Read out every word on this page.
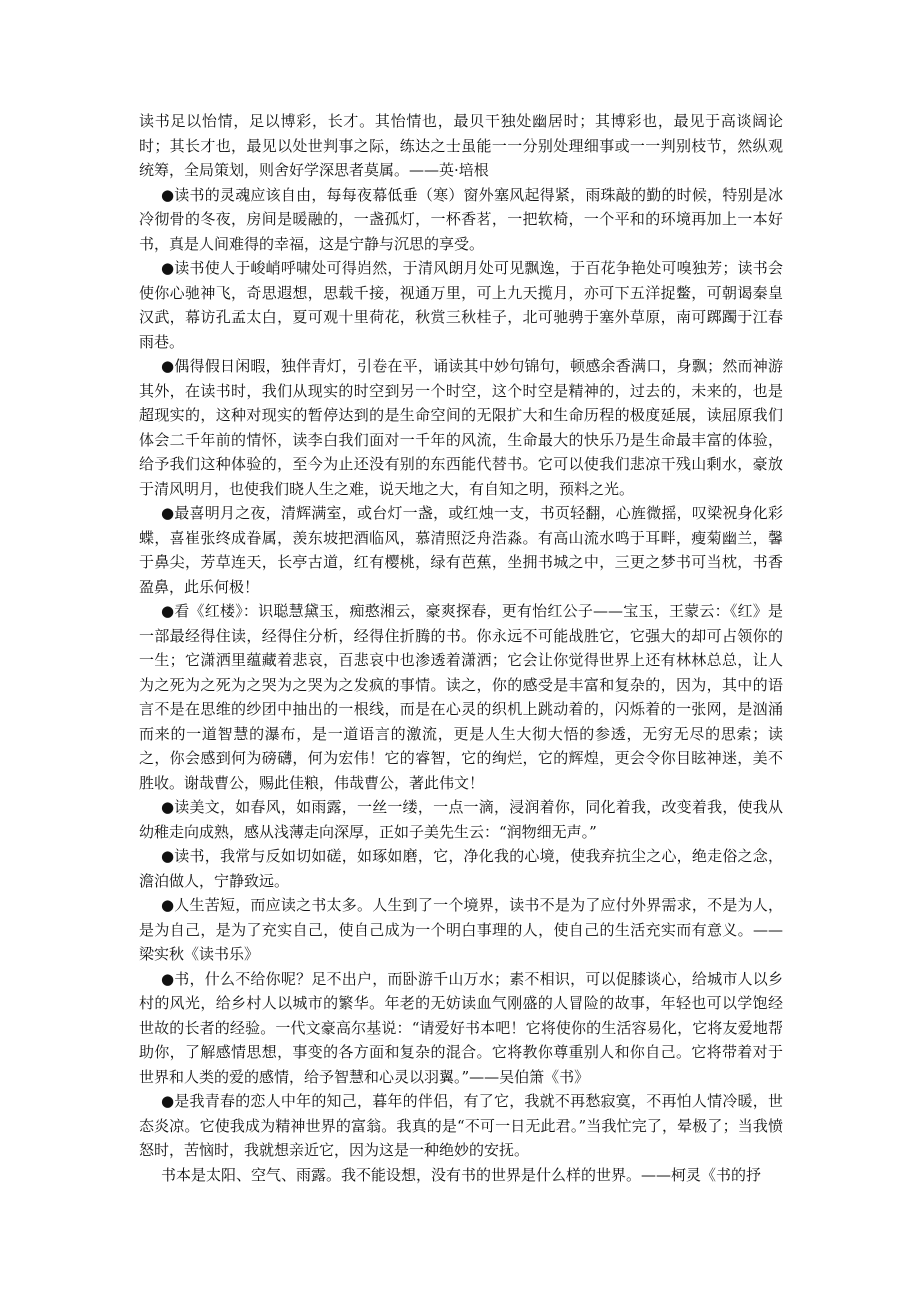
读书足以怡情，足以博彩，长才。其怡情也，最贝干独处幽居时；其博彩也，最见于高谈阔论时；其长才也，最见以处世判事之际，练达之士虽能一一分别处理细事或一一判别枝节，然纵观统筹，全局策划，则舍好学深思者莫属。——英·培根

●读书的灵魂应该自由，每每夜幕低垂（寒）窗外塞风起得紧，雨珠敲的勤的时候，特别是冰冷彻骨的冬夜，房间是暖融的，一盏孤灯，一杯香茗，一把软椅，一个平和的环境再加上一本好书，真是人间难得的幸福，这是宁静与沉思的享受。

●读书使人于峻峭呼啸处可得岿然，于清风朗月处可见飘逸，于百花争艳处可嗅独芳；读书会使你心驰神飞，奇思遐想，思载千接，视通万里，可上九天揽月，亦可下五洋捉鳖，可朝谒秦皇汉武，幕访孔孟太白，夏可观十里荷花，秋赏三秋桂子，北可驰骋于塞外草原，南可踯躅于江春雨巷。

●偶得假日闲暇，独伴青灯，引卷在平，诵读其中妙句锦句，顿感余香满口，身飘；然而神游其外，在读书时，我们从现实的时空到另一个时空，这个时空是精神的，过去的，未来的，也是超现实的，这种对现实的暂停达到的是生命空间的无限扩大和生命历程的极度延展，读屈原我们体会二千年前的情怀，读李白我们面对一千年的风流，生命最大的快乐乃是生命最丰富的体验，给予我们这种体验的，至今为止还没有别的东西能代替书。它可以使我们悲凉干残山剩水，豪放于清风明月，也使我们晓人生之难，说天地之大，有自知之明，预料之光。

●最喜明月之夜，清辉满室，或台灯一盏，或红烛一支，书页轻翻，心旌微摇，叹梁祝身化彩蝶，喜崔张终成眷属，羡东坡把酒临风，慕清照泛舟浩淼。有高山流水鸣于耳畔，瘦菊幽兰，馨于鼻尖，芳草连天，长亭古道，红有樱桃，绿有芭蕉，坐拥书城之中，三更之梦书可当枕，书香盈鼻，此乐何极！

●看《红楼》：识聪慧黛玉，痴憨湘云，豪爽探春，更有怡红公子——宝玉，王蒙云：《红》是一部最经得住读，经得住分析，经得住折腾的书。你永远不可能战胜它，它强大的却可占领你的一生；它潇洒里蕴藏着悲哀，百悲哀中也渗透着潇洒；它会让你觉得世界上还有林林总总，让人为之死为之死为之哭为之哭为之发疯的事情。读之，你的感受是丰富和复杂的，因为，其中的语言不是在思维的纱团中抽出的一根线，而是在心灵的织机上跳动着的，闪烁着的一张网，是汹涌而来的一道智慧的瀑布，是一道语言的激流，更是人生大彻大悟的参透，无穷无尽的思索；读之，你会感到何为磅礴，何为宏伟！它的睿智，它的绚烂，它的辉煌，更会令你目眩神迷，美不胜收。谢哉曹公，赐此佳粮，伟哉曹公，著此伟文！

●读美文，如春风，如雨露，一丝一缕，一点一滴，浸润着你，同化着我，改变着我，使我从幼稚走向成熟，感从浅薄走向深厚，正如子美先生云：“润物细无声。”

●读书，我常与反如切如磋，如琢如磨，它，净化我的心境，使我弃抗尘之心，绝走俗之念，澹泊做人，宁静致远。

●人生苦短，而应读之书太多。人生到了一个境界，读书不是为了应付外界需求，不是为人，是为自己，是为了充实自己，使自己成为一个明白事理的人，使自己的生活充实而有意义。——梁实秋《读书乐》

●书，什么不给你呢？足不出户，而卧游千山万水；素不相识，可以促膝谈心，给城市人以乡村的风光，给乡村人以城市的繁华。年老的无妨读血气刚盛的人冒险的故事，年轻也可以学饱经世故的长者的经验。一代文豪高尔基说：“请爱好书本吧！它将使你的生活容易化，它将友爱地帮助你，了解感情思想，事变的各方面和复杂的混合。它将教你尊重别人和你自己。它将带着对于世界和人类的爱的感情，给予智慧和心灵以羽翼。”——吴伯箫《书》

●是我青春的恋人中年的知己，暮年的伴侣，有了它，我就不再愁寂寞，不再怕人情冷暖，世态炎凉。它使我成为精神世界的富翁。我真的是“不可一日无此君。”当我忙完了，晕极了；当我愤怒时，苦恼时，我就想亲近它，因为这是一种绝妙的安抚。

书本是太阳、空气、雨露。我不能设想，没有书的世界是什么样的世界。——柯灵《书的抒
